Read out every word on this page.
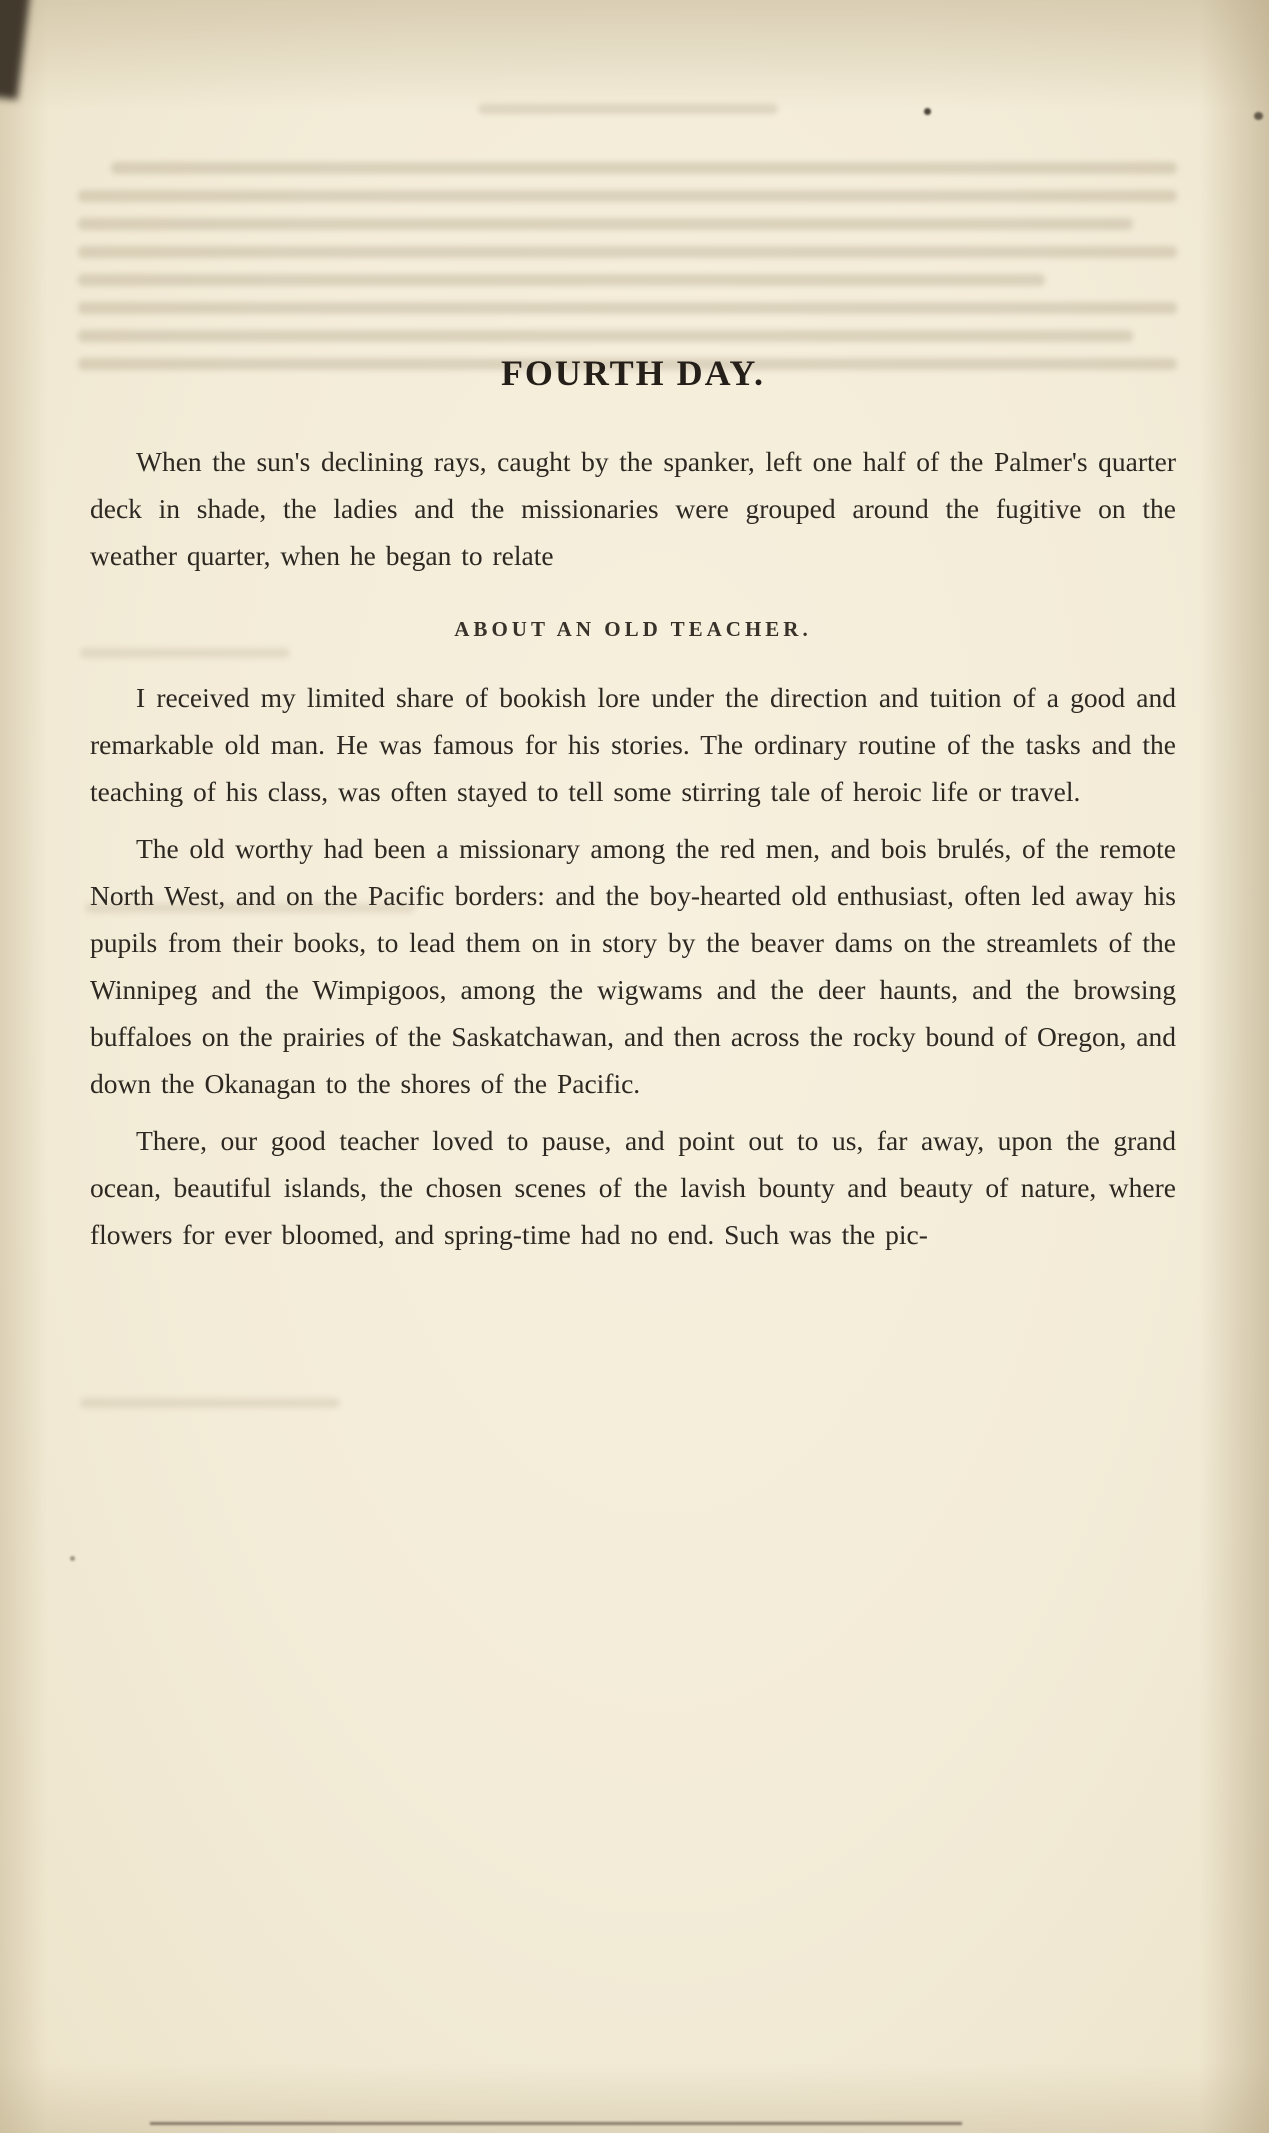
FOURTH DAY.

When the sun's declining rays, caught by the spanker, left one half of the Palmer's quarter deck in shade, the ladies and the missionaries were grouped around the fugitive on the weather quarter, when he began to relate

ABOUT AN OLD TEACHER.

I received my limited share of bookish lore under the direction and tuition of a good and remarkable old man. He was famous for his stories. The ordinary routine of the tasks and the teaching of his class, was often stayed to tell some stirring tale of heroic life or travel.

The old worthy had been a missionary among the red men, and bois brulés, of the remote North West, and on the Pacific borders: and the boy-hearted old enthusiast, often led away his pupils from their books, to lead them on in story by the beaver dams on the streamlets of the Winnipeg and the Wimpigoos, among the wigwams and the deer haunts, and the browsing buffaloes on the prairies of the Saskatchawan, and then across the rocky bound of Oregon, and down the Okanagan to the shores of the Pacific.

There, our good teacher loved to pause, and point out to us, far away, upon the grand ocean, beautiful islands, the chosen scenes of the lavish bounty and beauty of nature, where flowers for ever bloomed, and spring-time had no end. Such was the pic-
